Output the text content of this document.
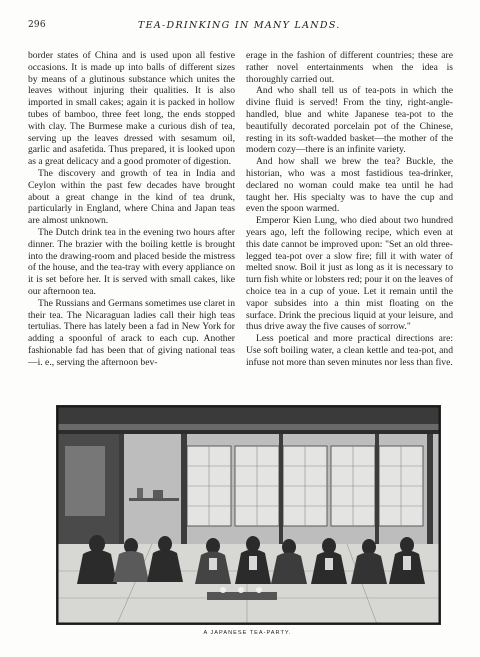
296	TEA-DRINKING IN MANY LANDS.

border states of China and is used upon all festive occasions. It is made up into balls of different sizes by means of a glutinous substance which unites the leaves without injuring their qualities. It is also imported in small cakes; again it is packed in hollow tubes of bamboo, three feet long, the ends stopped with clay. The Burmese make a curious dish of tea, serving up the leaves dressed with sesamum oil, garlic and asafetida. Thus prepared, it is looked upon as a great delicacy and a good promoter of digestion.

The discovery and growth of tea in India and Ceylon within the past few decades have brought about a great change in the kind of tea drunk, particularly in England, where China and Japan teas are almost unknown.

The Dutch drink tea in the evening two hours after dinner. The brazier with the boiling kettle is brought into the drawing-room and placed beside the mistress of the house, and the tea-tray with every appliance on it is set before her. It is served with small cakes, like our afternoon tea.

The Russians and Germans sometimes use claret in their tea. The Nicaraguan ladies call their high teas tertulias. There has lately been a fad in New York for adding a spoonful of arack to each cup. Another fashionable fad has been that of giving national teas—i. e., serving the afternoon bev-

erage in the fashion of different countries; these are rather novel entertainments when the idea is thoroughly carried out.

And who shall tell us of tea-pots in which the divine fluid is served! From the tiny, right-angle-handled, blue and white Japanese tea-pot to the beautifully decorated porcelain pot of the Chinese, resting in its soft-wadded basket—the mother of the modern cozy—there is an infinite variety.

And how shall we brew the tea? Buckle, the historian, who was a most fastidious tea-drinker, declared no woman could make tea until he had taught her. His specialty was to have the cup and even the spoon warmed.

Emperor Kien Lung, who died about two hundred years ago, left the following recipe, which even at this date cannot be improved upon: "Set an old three-legged tea-pot over a slow fire; fill it with water of melted snow. Boil it just as long as it is necessary to turn fish white or lobsters red; pour it on the leaves of choice tea in a cup of youe. Let it remain until the vapor subsides into a thin mist floating on the surface. Drink the precious liquid at your leisure, and thus drive away the five causes of sorrow."

Less poetical and more practical directions are: Use soft boiling water, a clean kettle and tea-pot, and infuse not more than seven minutes nor less than five.

A JAPANESE TEA-PARTY.
